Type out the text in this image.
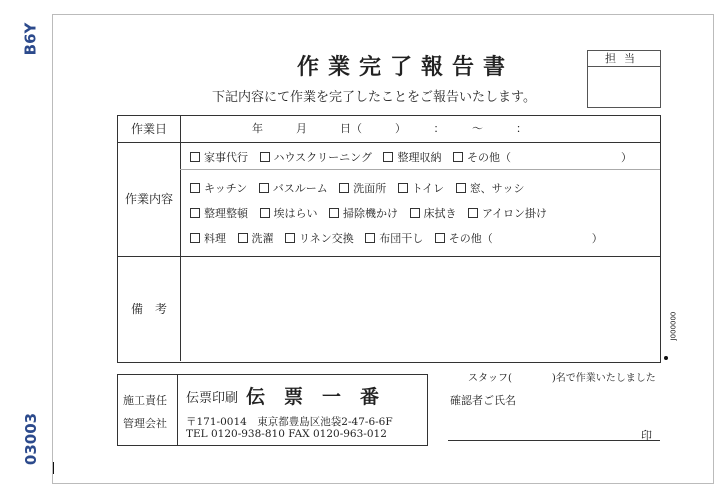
B6Y
03003
作業完了報告書
下記内容にて作業を完了したことをご報告いたします。
担当
作業日	年　　　月　　　日（　　　）　　　：　　　〜　　　：
作業内容
家事代行 ハウスクリーニング 整理収納 その他（　　　　　　　　　　）
キッチン バスルーム 洗面所 トイレ 窓、サッシ
整理整頓 埃はらい 掃除機かけ 床拭き アイロン掛け
料理 洗濯 リネン交換 布団干し その他（　　　　　　　　　）
備　考
J000000
施工責任
管理会社
伝票印刷 伝　票　一　番
〒171-0014　東京都豊島区池袋2-47-6-6F
TEL 0120-938-810 FAX 0120-963-012
スタッフ(　　　　)名で作業いたしました
確認者ご氏名
印
